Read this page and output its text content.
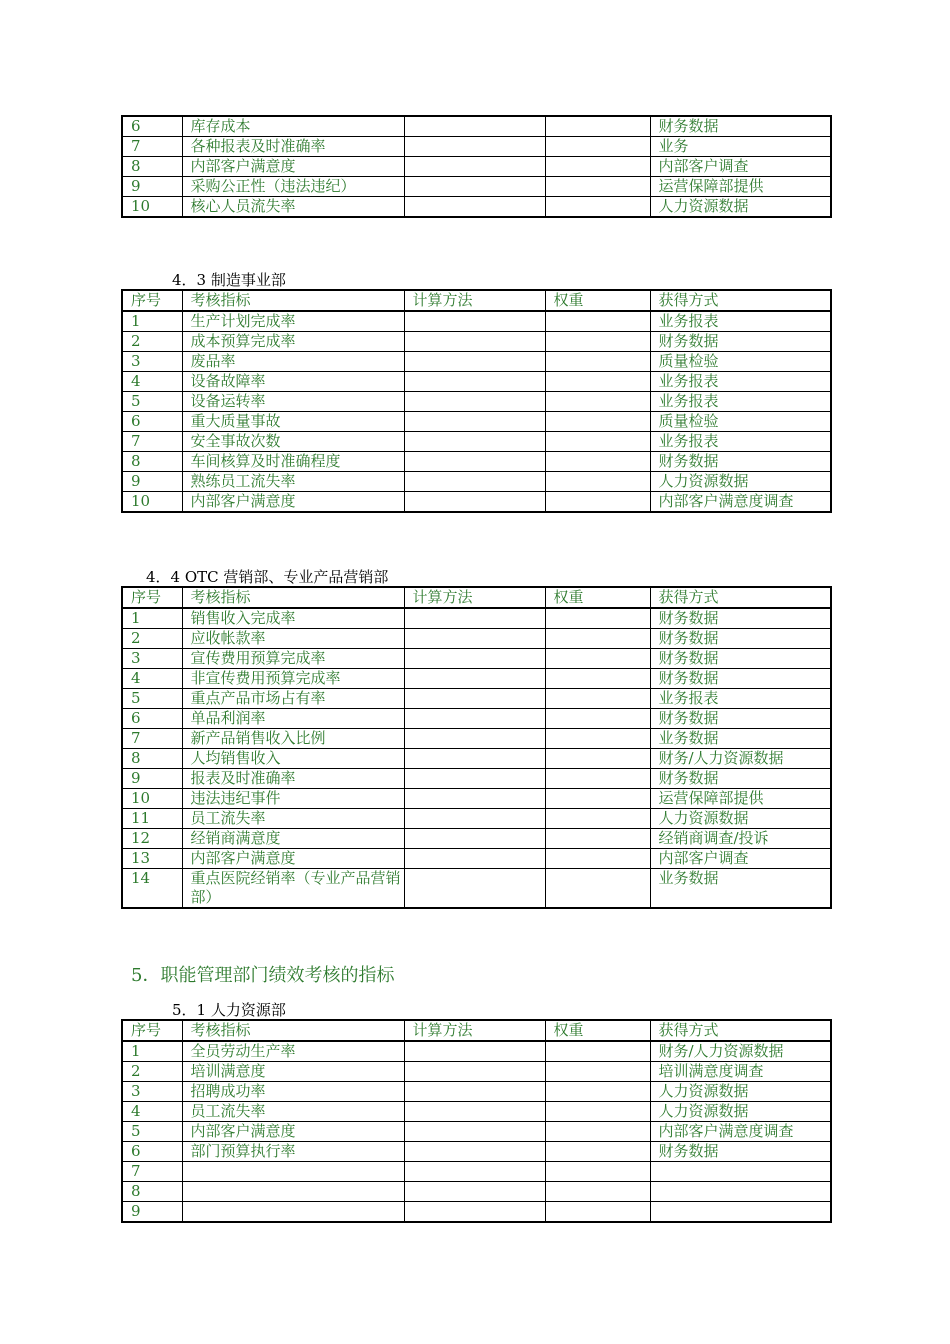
6	库存成本			财务数据
7	各种报表及时准确率			业务
8	内部客户满意度			内部客户调查
9	采购公正性（违法违纪）			运营保障部提供
10	核心人员流失率			人力资源数据
4．3 制造事业部
序号	考核指标	计算方法	权重	获得方式
1	生产计划完成率			业务报表
2	成本预算完成率			财务数据
3	废品率			质量检验
4	设备故障率			业务报表
5	设备运转率			业务报表
6	重大质量事故			质量检验
7	安全事故次数			业务报表
8	车间核算及时准确程度			财务数据
9	熟练员工流失率			人力资源数据
10	内部客户满意度			内部客户满意度调查
4．4 OTC 营销部、专业产品营销部
序号	考核指标	计算方法	权重	获得方式
1	销售收入完成率			财务数据
2	应收帐款率			财务数据
3	宣传费用预算完成率			财务数据
4	非宣传费用预算完成率			财务数据
5	重点产品市场占有率			业务报表
6	单品利润率			财务数据
7	新产品销售收入比例			业务数据
8	人均销售收入			财务/人力资源数据
9	报表及时准确率			财务数据
10	违法违纪事件			运营保障部提供
11	员工流失率			人力资源数据
12	经销商满意度			经销商调查/投诉
13	内部客户满意度			内部客户调查
14	重点医院经销率（专业产品营销部）			业务数据
5．职能管理部门绩效考核的指标
5．1 人力资源部
序号	考核指标	计算方法	权重	获得方式
1	全员劳动生产率			财务/人力资源数据
2	培训满意度			培训满意度调查
3	招聘成功率			人力资源数据
4	员工流失率			人力资源数据
5	内部客户满意度			内部客户满意度调查
6	部门预算执行率			财务数据
7				
8				
9				
